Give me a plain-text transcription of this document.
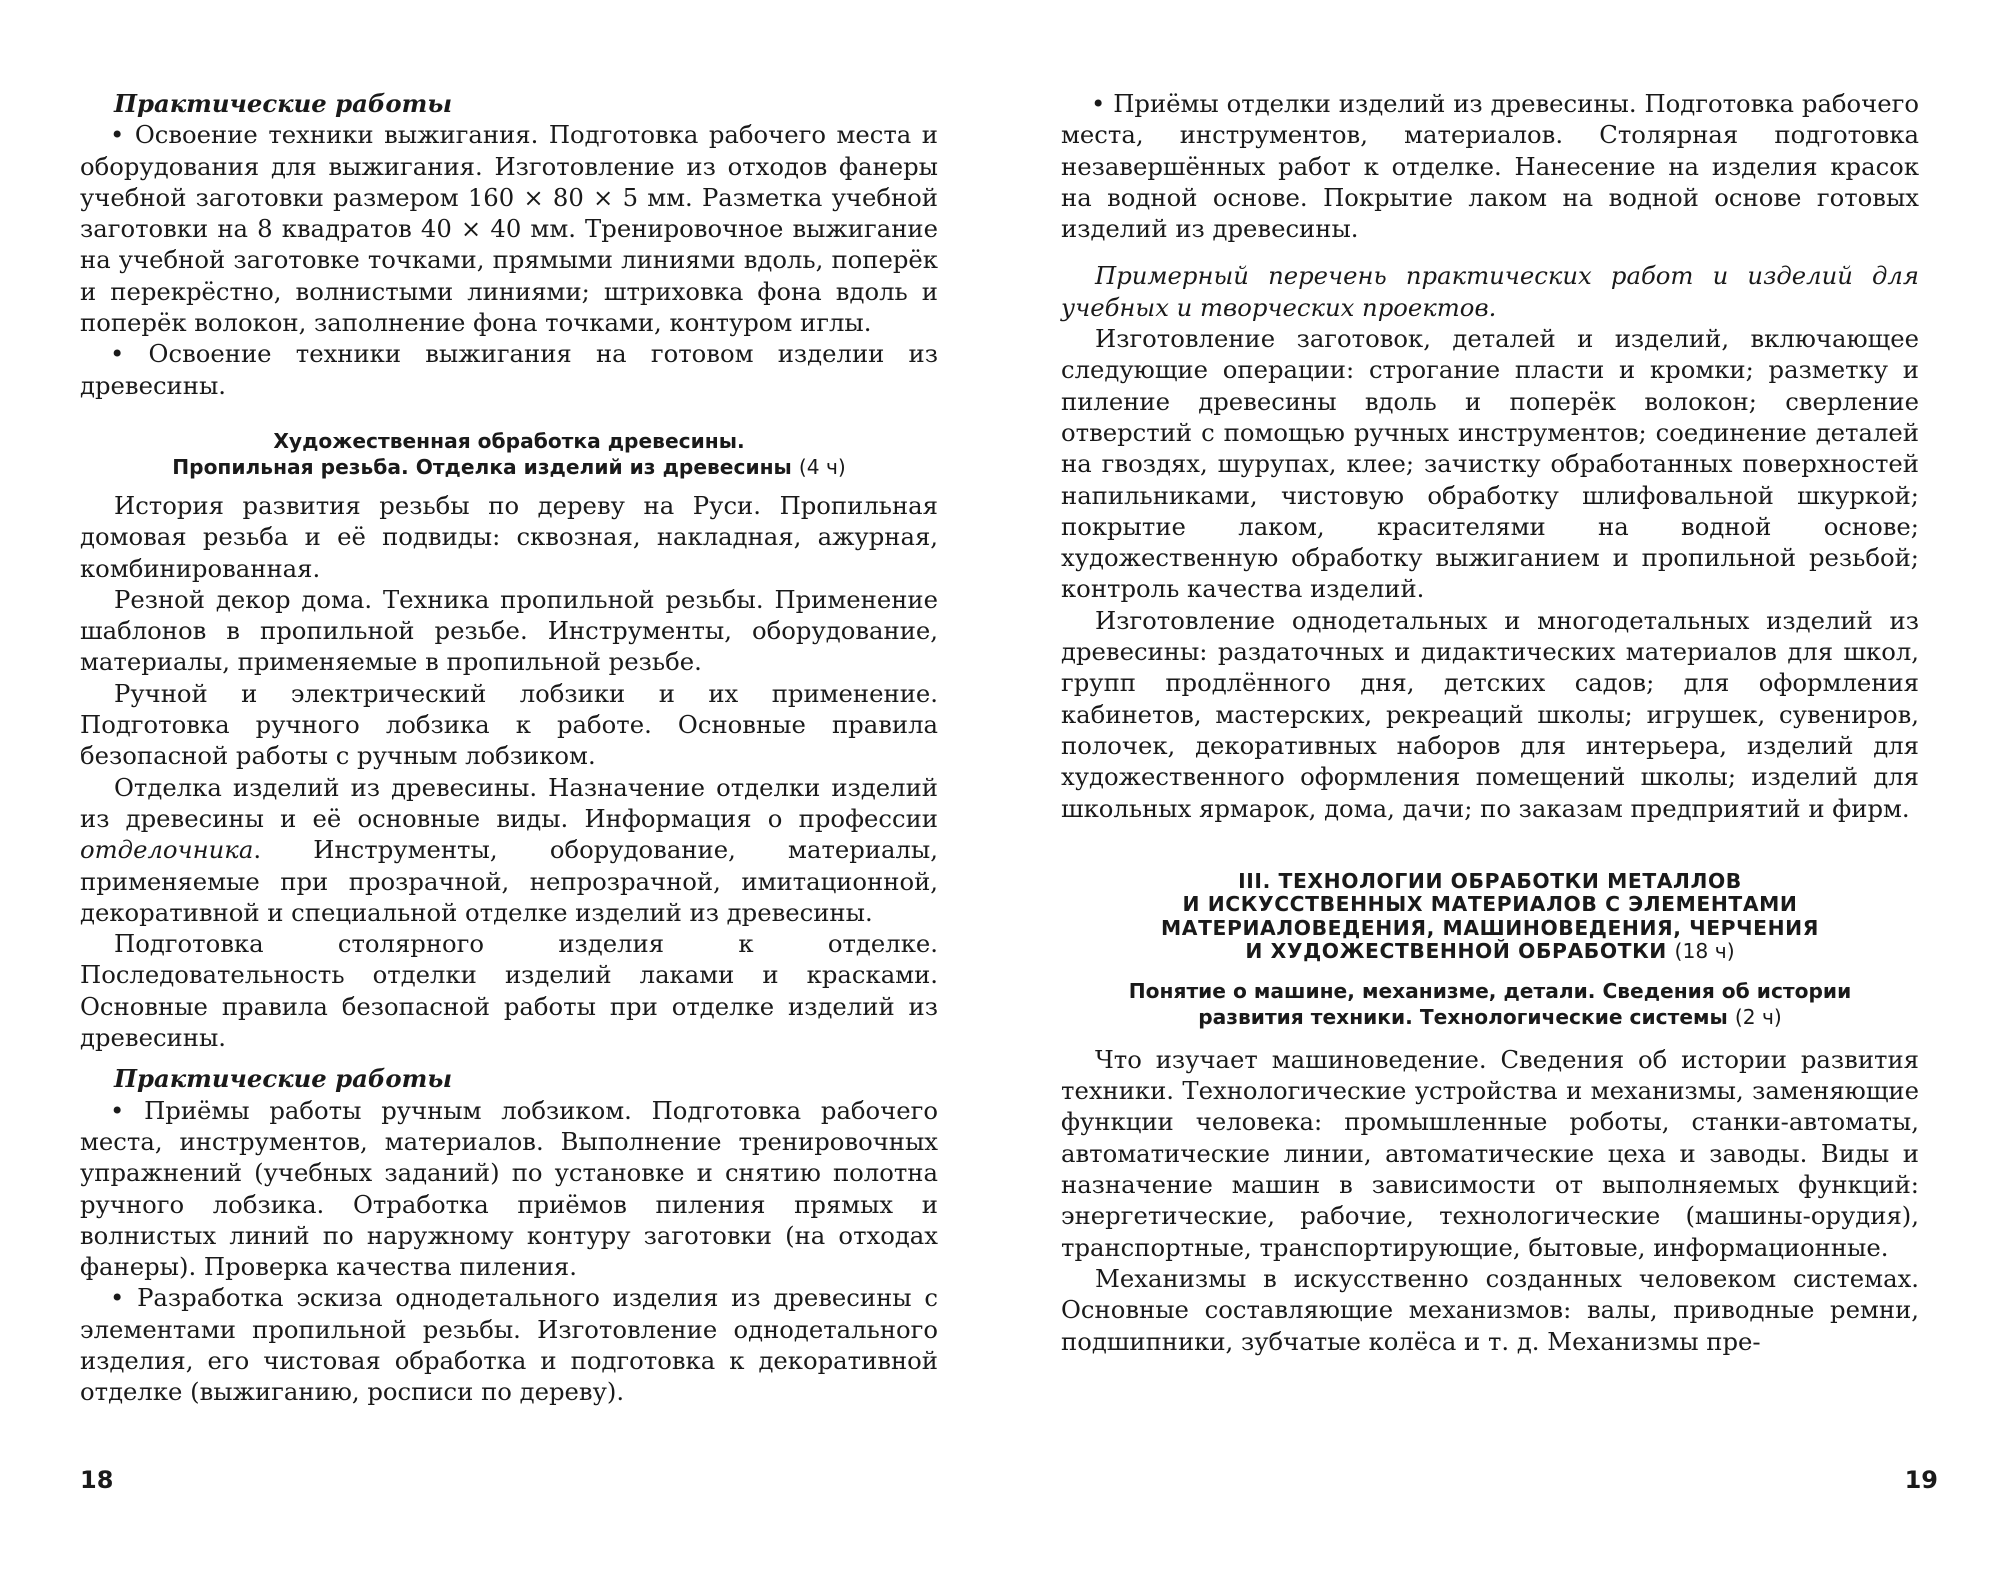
Практические работы

• Освоение техники выжигания. Подготовка рабочего места и оборудования для выжигания. Изготовление из отходов фанеры учебной заготовки размером 160 × 80 × 5 мм. Разметка учебной заготовки на 8 квадратов 40 × 40 мм. Тренировочное выжигание на учебной заготовке точками, прямыми линиями вдоль, поперёк и перекрёстно, волнистыми линиями; штриховка фона вдоль и поперёк волокон, заполнение фона точками, контуром иглы.

• Освоение техники выжигания на готовом изделии из древесины.

Художественная обработка древесины.
Пропильная резьба. Отделка изделий из древесины (4 ч)

История развития резьбы по дереву на Руси. Пропильная домовая резьба и её подвиды: сквозная, накладная, ажурная, комбинированная.

Резной декор дома. Техника пропильной резьбы. Применение шаблонов в пропильной резьбе. Инструменты, оборудование, материалы, применяемые в пропильной резьбе.

Ручной и электрический лобзики и их применение. Подготовка ручного лобзика к работе. Основные правила безопасной работы с ручным лобзиком.

Отделка изделий из древесины. Назначение отделки изделий из древесины и её основные виды. Информация о профессии отделочника. Инструменты, оборудование, материалы, применяемые при прозрачной, непрозрачной, имитационной, декоративной и специальной отделке изделий из древесины.

Подготовка столярного изделия к отделке. Последовательность отделки изделий лаками и красками. Основные правила безопасной работы при отделке изделий из древесины.

Практические работы

• Приёмы работы ручным лобзиком. Подготовка рабочего места, инструментов, материалов. Выполнение тренировочных упражнений (учебных заданий) по установке и снятию полотна ручного лобзика. Отработка приёмов пиления прямых и волнистых линий по наружному контуру заготовки (на отходах фанеры). Проверка качества пиления.

• Разработка эскиза однодетального изделия из древесины с элементами пропильной резьбы. Изготовление однодетального изделия, его чистовая обработка и подготовка к декоративной отделке (выжиганию, росписи по дереву).

18

• Приёмы отделки изделий из древесины. Подготовка рабочего места, инструментов, материалов. Столярная подготовка незавершённых работ к отделке. Нанесение на изделия красок на водной основе. Покрытие лаком на водной основе готовых изделий из древесины.

Примерный перечень практических работ и изделий для учебных и творческих проектов.

Изготовление заготовок, деталей и изделий, включающее следующие операции: строгание пласти и кромки; разметку и пиление древесины вдоль и поперёк волокон; сверление отверстий с помощью ручных инструментов; соединение деталей на гвоздях, шурупах, клее; зачистку обработанных поверхностей напильниками, чистовую обработку шлифовальной шкуркой; покрытие лаком, красителями на водной основе; художественную обработку выжиганием и пропильной резьбой; контроль качества изделий.

Изготовление однодетальных и многодетальных изделий из древесины: раздаточных и дидактических материалов для школ, групп продлённого дня, детских садов; для оформления кабинетов, мастерских, рекреаций школы; игрушек, сувениров, полочек, декоративных наборов для интерьера, изделий для художественного оформления помещений школы; изделий для школьных ярмарок, дома, дачи; по заказам предприятий и фирм.

III. ТЕХНОЛОГИИ ОБРАБОТКИ МЕТАЛЛОВ
И ИСКУССТВЕННЫХ МАТЕРИАЛОВ С ЭЛЕМЕНТАМИ
МАТЕРИАЛОВЕДЕНИЯ, МАШИНОВЕДЕНИЯ, ЧЕРЧЕНИЯ
И ХУДОЖЕСТВЕННОЙ ОБРАБОТКИ (18 ч)
Понятие о машине, механизме, детали. Сведения об истории
развития техники. Технологические системы (2 ч)

Что изучает машиноведение. Сведения об истории развития техники. Технологические устройства и механизмы, заменяющие функции человека: промышленные роботы, станки-автоматы, автоматические линии, автоматические цеха и заводы. Виды и назначение машин в зависимости от выполняемых функций: энергетические, рабочие, технологические (машины-орудия), транспортные, транспортирующие, бытовые, информационные.

Механизмы в искусственно созданных человеком системах. Основные составляющие механизмов: валы, приводные ремни, подшипники, зубчатые колёса и т. д. Механизмы пре-

19
